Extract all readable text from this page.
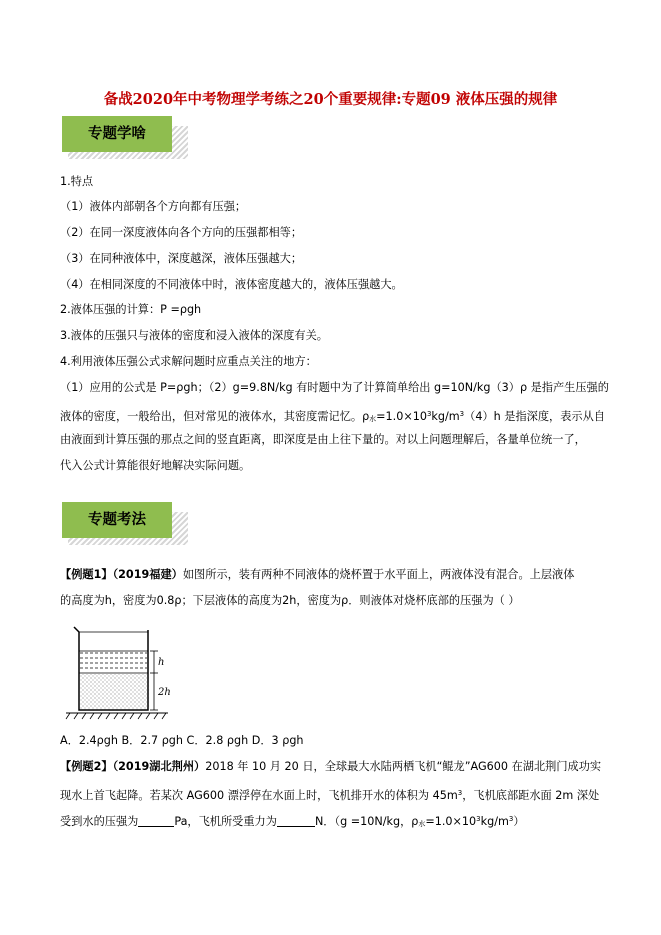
备战2020年中考物理学考练之20个重要规律:专题09 液体压强的规律
专题学啥
1.特点
（1）液体内部朝各个方向都有压强；
（2）在同一深度液体向各个方向的压强都相等；
（3）在同种液体中，深度越深，液体压强越大；
（4）在相同深度的不同液体中时，液体密度越大的，液体压强越大。
2.液体压强的计算：P =ρgh
3.液体的压强只与液体的密度和浸入液体的深度有关。
4.利用液体压强公式求解问题时应重点关注的地方：
（1）应用的公式是 P=ρgh；（2）g=9.8N/kg 有时题中为了计算简单给出 g=10N/kg（3）ρ 是指产生压强的
液体的密度，一般给出，但对常见的液体水，其密度需记忆。ρ水$=1.0\times 10^3kg/m^3(4)h$ 是指深度，表示从自
由液面到计算压强的那点之间的竖直距离，即深度是由上往下量的。对以上问题理解后，各量单位统一了，
代入公式计算能很好地解决实际问题。
专题考法
【例题1】（2019福建）如图所示，装有两种不同液体的烧杯置于水平面上，两液体没有混合。上层液体
的高度为h，密度为0.8ρ；下层液体的高度为2h，密度为ρ．则液体对烧杯底部的压强为（ ）
h
2h
A．2.4ρgh B．2.7 ρgh C．2.8 ρgh D．3 ρgh
【例题2】（2019湖北荆州）2018 年 10 月 20 日，全球最大水陆两栖飞机“鲲龙”AG600 在湖北荆门成功实
现水上首飞起降。若某次 AG600 漂浮停在水面上时，飞机排开水的体积为 $45m^3$，飞机底部距水面 2m 深处
受到水的压强为	Pa，飞机所受重力为	N．（g =10N/kg，ρ水$=1.0\times 10^3kg/m^3$）
